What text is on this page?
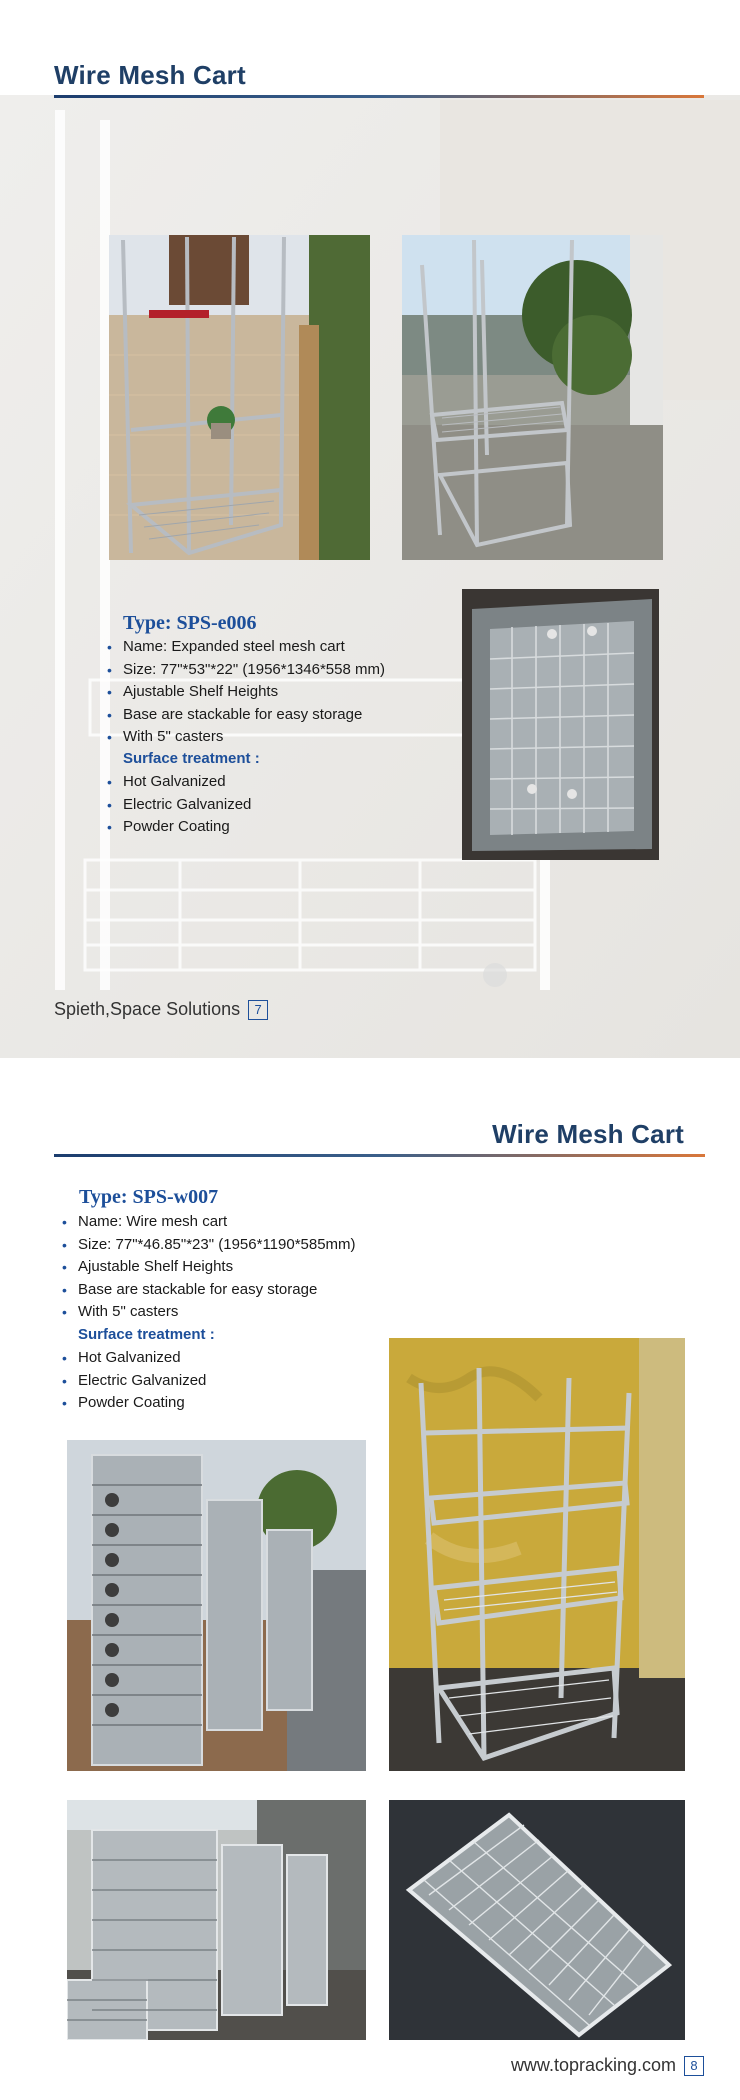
Wire Mesh Cart
Type: SPS-e006
• Name: Expanded steel mesh cart
• Size: 77"*53"*22" (1956*1346*558 mm)
• Ajustable Shelf Heights
• Base are stackable for easy storage
• With 5" casters
Surface treatment :
• Hot Galvanized
• Electric Galvanized
• Powder Coating
Spieth,Space Solutions	7
Wire Mesh Cart
Type: SPS-w007
• Name: Wire mesh cart
• Size: 77"*46.85"*23" (1956*1190*585mm)
• Ajustable Shelf Heights
• Base are stackable for easy storage
• With 5" casters
Surface treatment :
• Hot Galvanized
• Electric Galvanized
• Powder Coating
www.topracking.com	8
